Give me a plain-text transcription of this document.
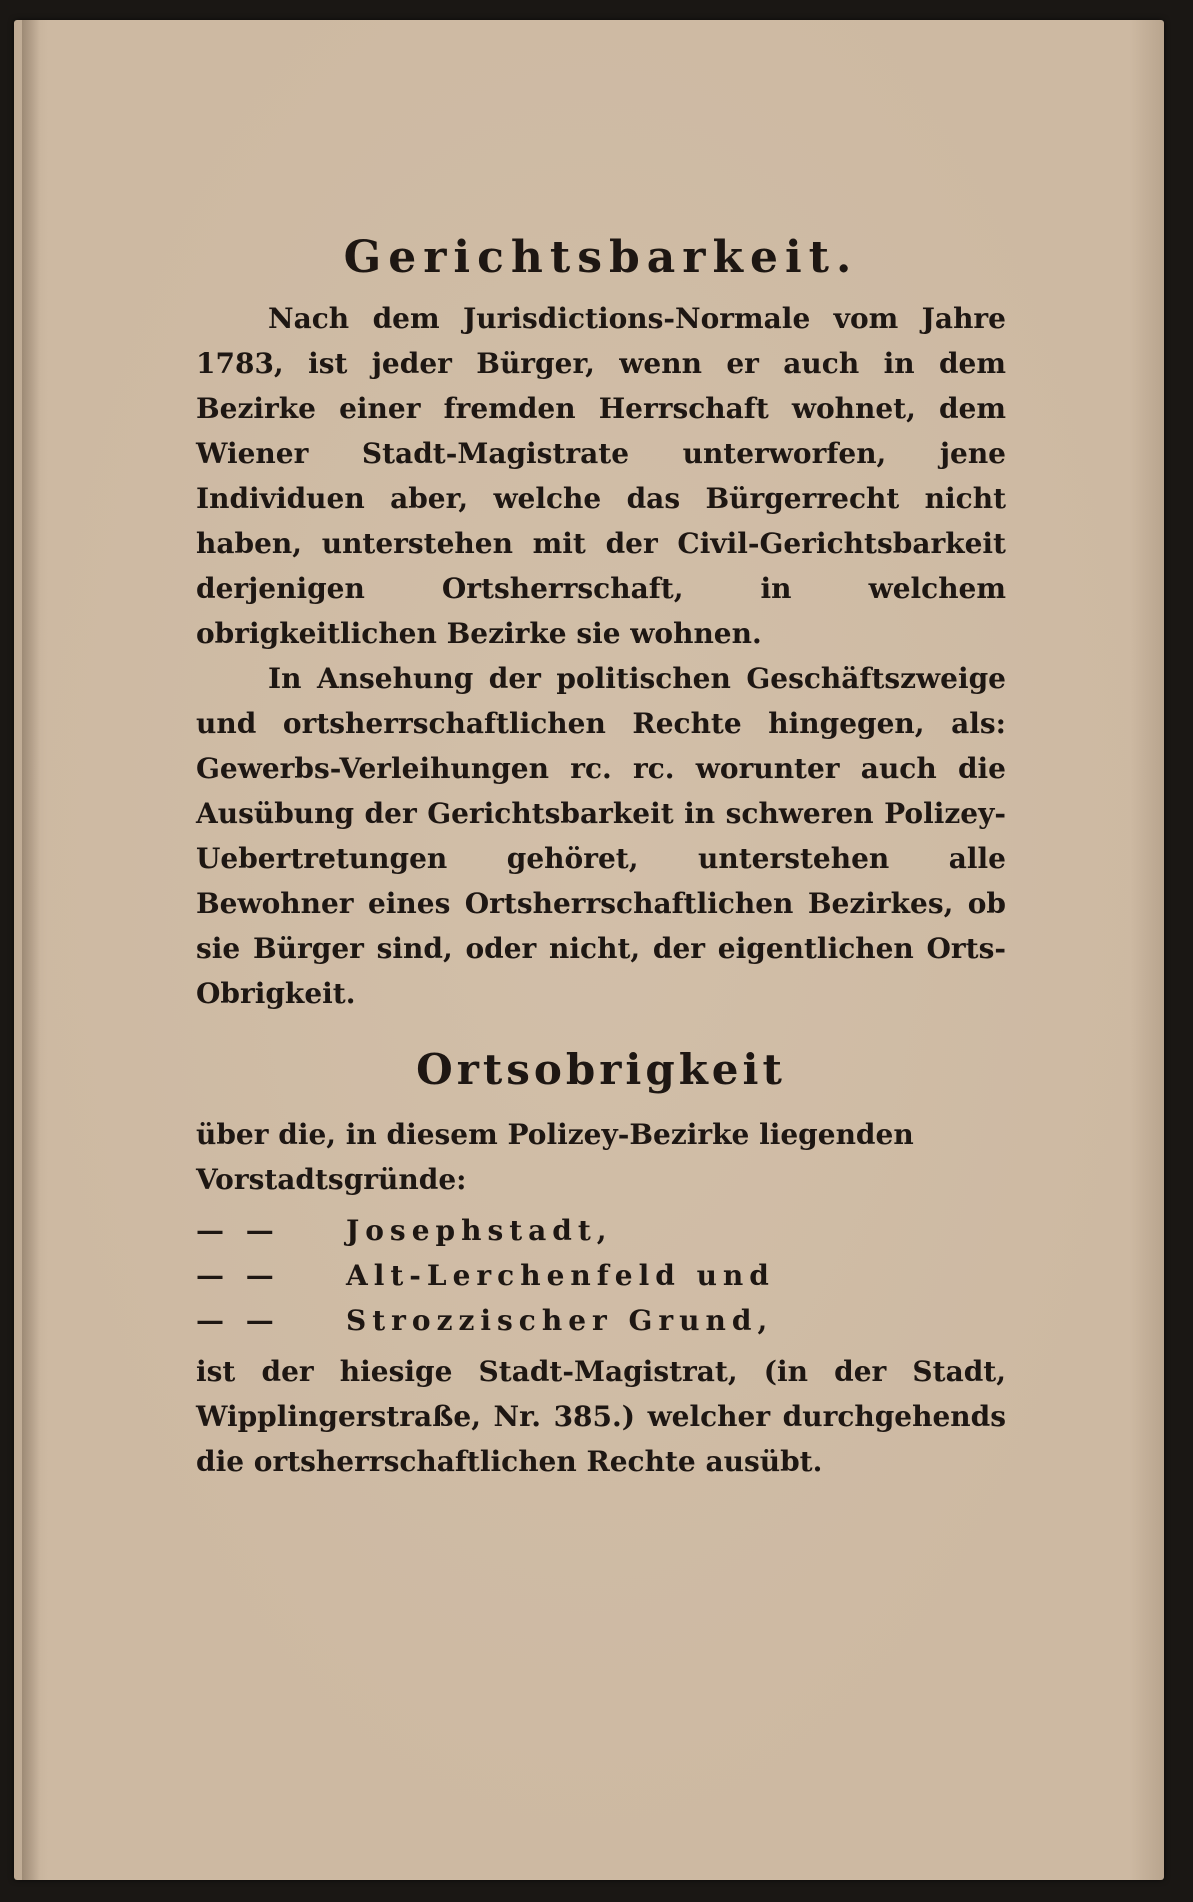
Gerichtsbarkeit.

Nach dem Jurisdictions-Normale vom Jahre 1783, ist jeder Bürger, wenn er auch in dem Bezirke einer fremden Herrschaft wohnet, dem Wiener Stadt-Magistrate unterworfen, jene Individuen aber, welche das Bürgerrecht nicht haben, unterstehen mit der Civil-Gerichtsbarkeit derjenigen Ortsherrschaft, in welchem obrigkeitlichen Bezirke sie wohnen.

In Ansehung der politischen Geschäftszweige und ortsherrschaftlichen Rechte hingegen, als: Gewerbs-Verleihungen rc. rc. worunter auch die Ausübung der Gerichtsbarkeit in schweren Polizey-Uebertretungen gehöret, unterstehen alle Bewohner eines Ortsherrschaftlichen Bezirkes, ob sie Bürger sind, oder nicht, der eigentlichen Orts-Obrigkeit.

Ortsobrigkeit

über die, in diesem Polizey-Bezirke liegenden Vorstadtsgründe:

— —	Josephstadt,
— —	Alt-Lerchenfeld und
— —	Strozzischer Grund,

ist der hiesige Stadt-Magistrat, (in der Stadt, Wipplingerstraße, Nr. 385.) welcher durchgehends die ortsherrschaftlichen Rechte ausübt.
